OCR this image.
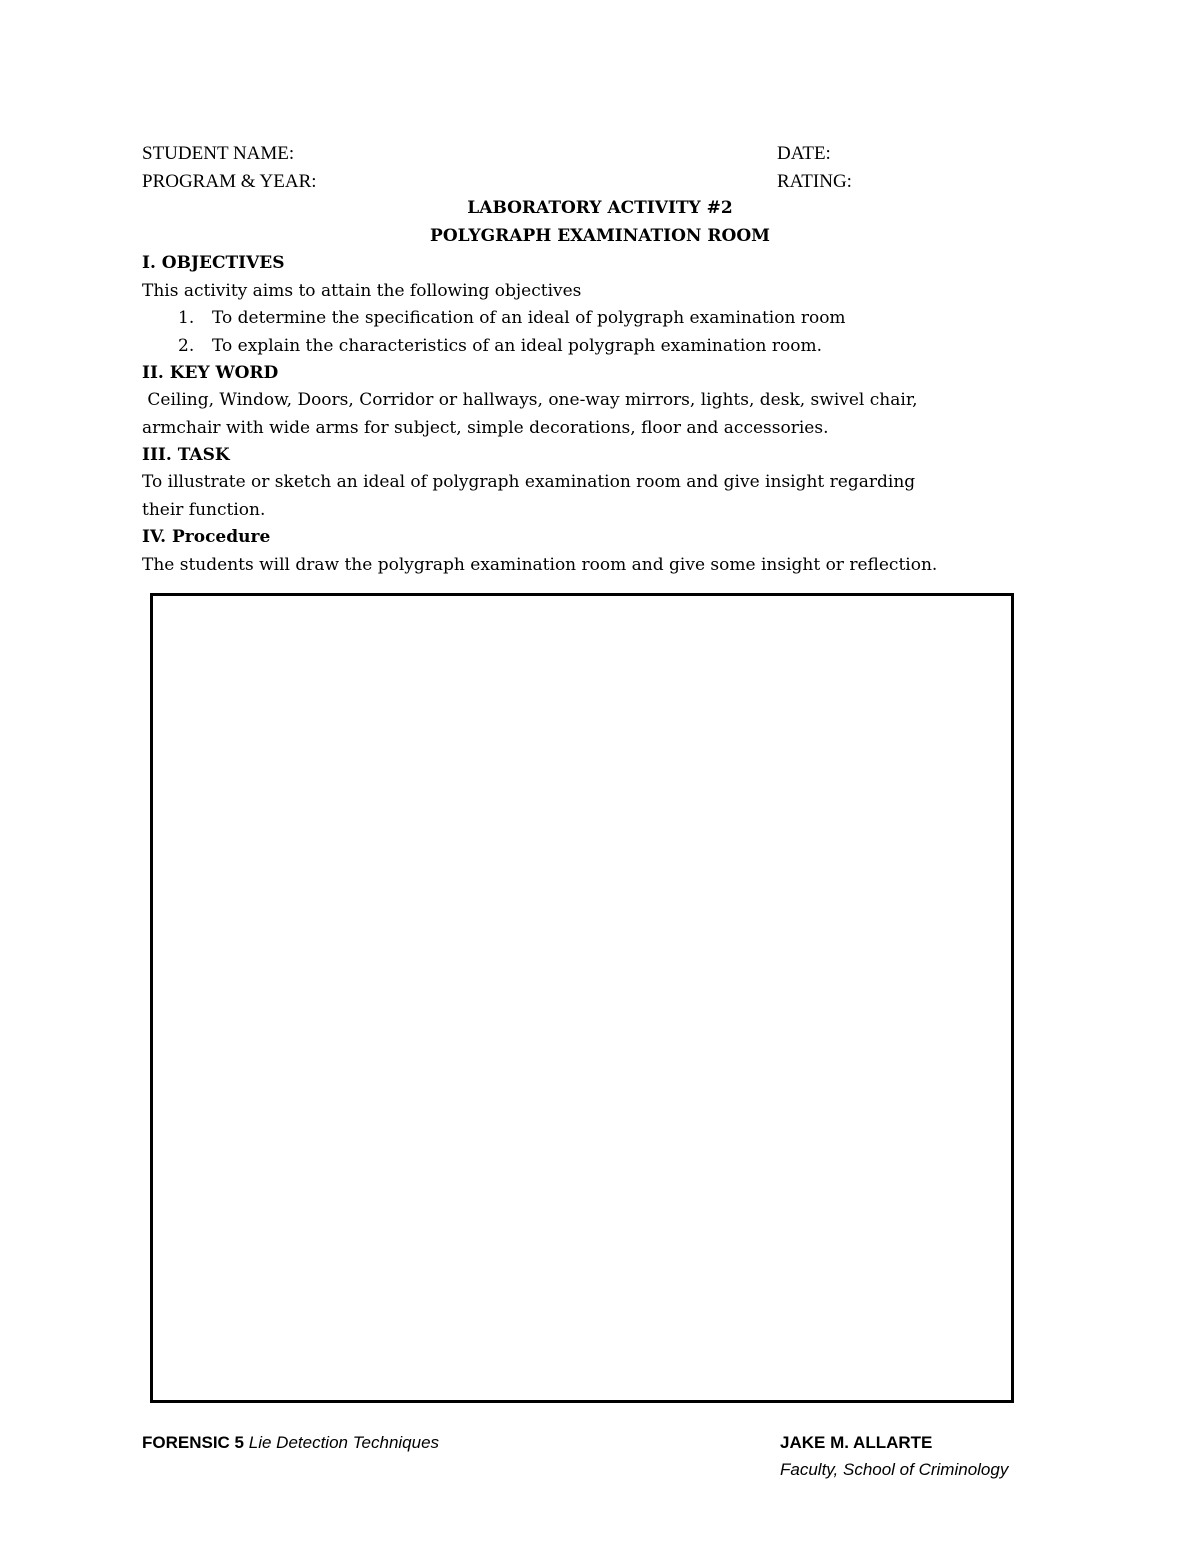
STUDENT NAME:	DATE:
PROGRAM & YEAR:	RATING:
LABORATORY ACTIVITY #2
POLYGRAPH EXAMINATION ROOM
I. OBJECTIVES
This activity aims to attain the following objectives
1. To determine the specification of an ideal of polygraph examination room
2. To explain the characteristics of an ideal polygraph examination room.
II. KEY WORD
Ceiling, Window, Doors, Corridor or hallways, one-way mirrors, lights, desk, swivel chair,
armchair with wide arms for subject, simple decorations, floor and accessories.
III. TASK
To illustrate or sketch an ideal of polygraph examination room and give insight regarding
their function.
IV. Procedure
The students will draw the polygraph examination room and give some insight or reflection.
FORENSIC 5 Lie Detection Techniques	JAKE M. ALLARTE
Faculty, School of Criminology
